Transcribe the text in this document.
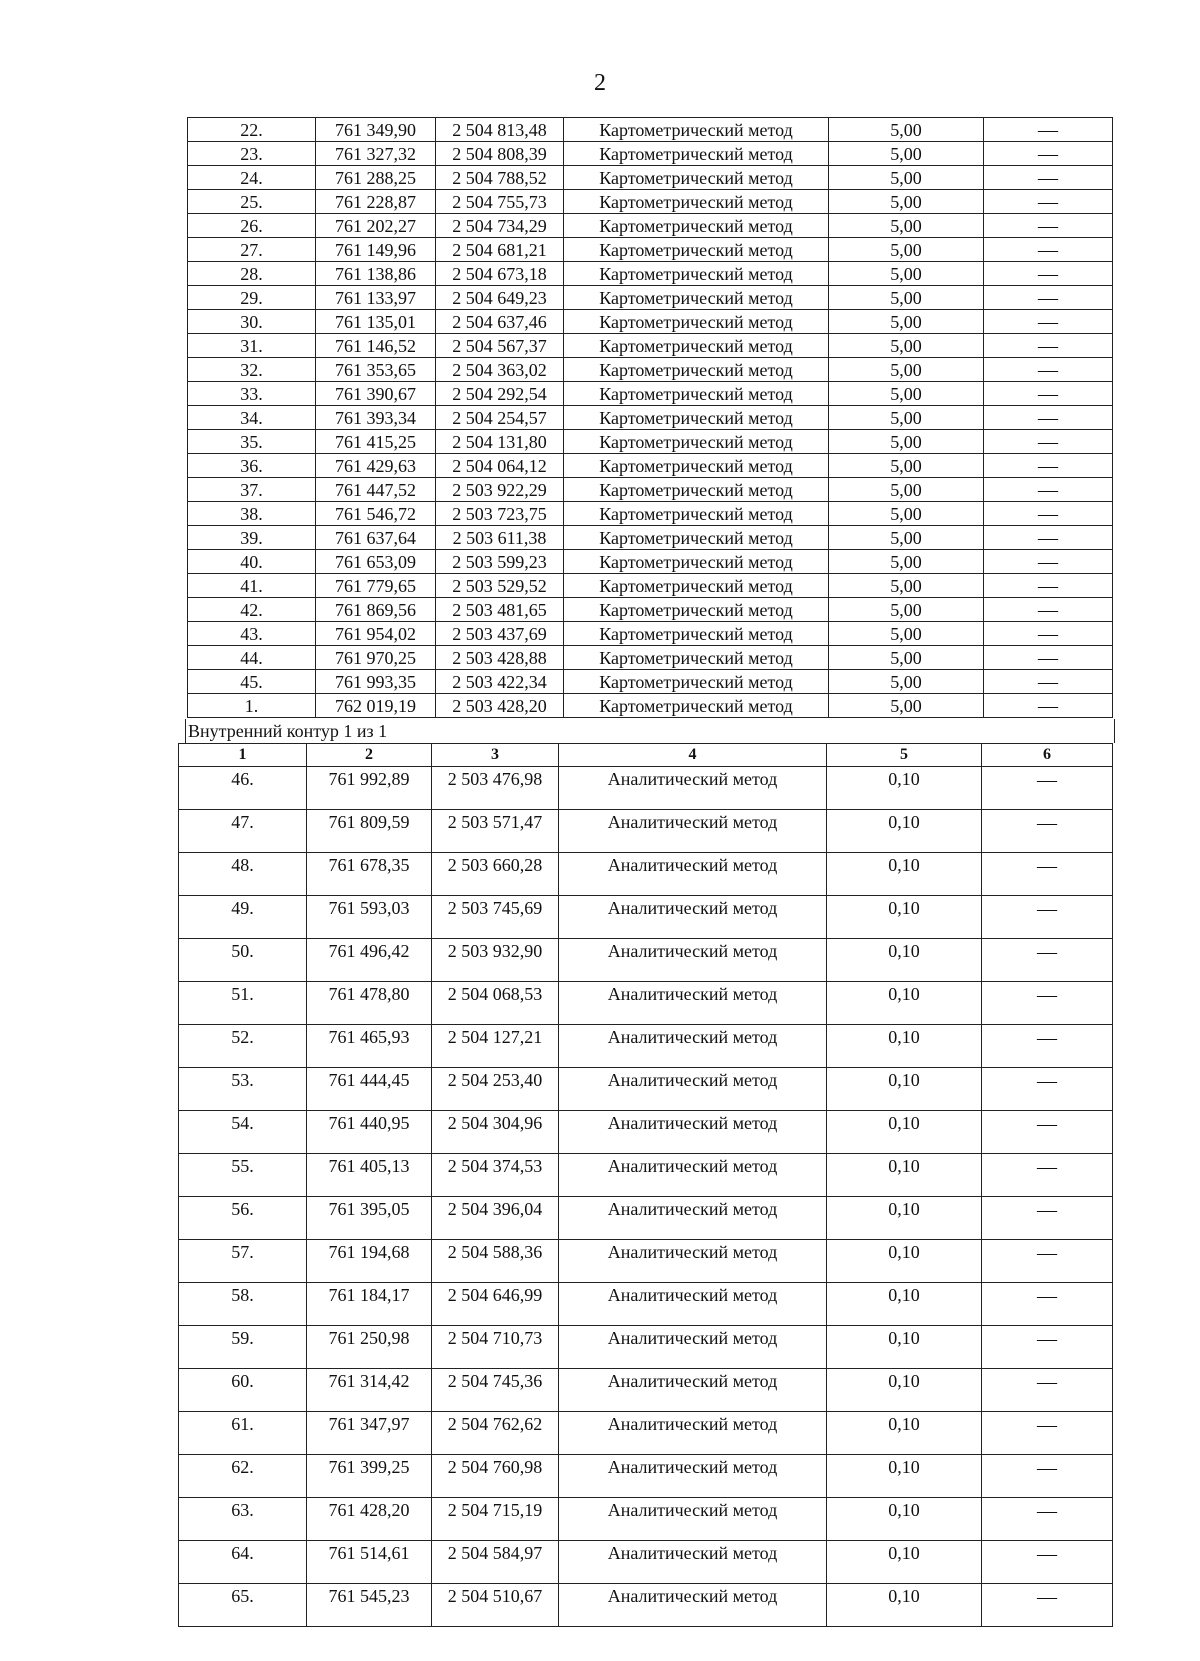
2
22.	761 349,90	2 504 813,48	Картометрический метод	5,00	—
23.	761 327,32	2 504 808,39	Картометрический метод	5,00	—
24.	761 288,25	2 504 788,52	Картометрический метод	5,00	—
25.	761 228,87	2 504 755,73	Картометрический метод	5,00	—
26.	761 202,27	2 504 734,29	Картометрический метод	5,00	—
27.	761 149,96	2 504 681,21	Картометрический метод	5,00	—
28.	761 138,86	2 504 673,18	Картометрический метод	5,00	—
29.	761 133,97	2 504 649,23	Картометрический метод	5,00	—
30.	761 135,01	2 504 637,46	Картометрический метод	5,00	—
31.	761 146,52	2 504 567,37	Картометрический метод	5,00	—
32.	761 353,65	2 504 363,02	Картометрический метод	5,00	—
33.	761 390,67	2 504 292,54	Картометрический метод	5,00	—
34.	761 393,34	2 504 254,57	Картометрический метод	5,00	—
35.	761 415,25	2 504 131,80	Картометрический метод	5,00	—
36.	761 429,63	2 504 064,12	Картометрический метод	5,00	—
37.	761 447,52	2 503 922,29	Картометрический метод	5,00	—
38.	761 546,72	2 503 723,75	Картометрический метод	5,00	—
39.	761 637,64	2 503 611,38	Картометрический метод	5,00	—
40.	761 653,09	2 503 599,23	Картометрический метод	5,00	—
41.	761 779,65	2 503 529,52	Картометрический метод	5,00	—
42.	761 869,56	2 503 481,65	Картометрический метод	5,00	—
43.	761 954,02	2 503 437,69	Картометрический метод	5,00	—
44.	761 970,25	2 503 428,88	Картометрический метод	5,00	—
45.	761 993,35	2 503 422,34	Картометрический метод	5,00	—
1.	762 019,19	2 503 428,20	Картометрический метод	5,00	—
Внутренний контур 1 из 1
1	2	3	4	5	6
46.	761 992,89	2 503 476,98	Аналитический метод	0,10	—
47.	761 809,59	2 503 571,47	Аналитический метод	0,10	—
48.	761 678,35	2 503 660,28	Аналитический метод	0,10	—
49.	761 593,03	2 503 745,69	Аналитический метод	0,10	—
50.	761 496,42	2 503 932,90	Аналитический метод	0,10	—
51.	761 478,80	2 504 068,53	Аналитический метод	0,10	—
52.	761 465,93	2 504 127,21	Аналитический метод	0,10	—
53.	761 444,45	2 504 253,40	Аналитический метод	0,10	—
54.	761 440,95	2 504 304,96	Аналитический метод	0,10	—
55.	761 405,13	2 504 374,53	Аналитический метод	0,10	—
56.	761 395,05	2 504 396,04	Аналитический метод	0,10	—
57.	761 194,68	2 504 588,36	Аналитический метод	0,10	—
58.	761 184,17	2 504 646,99	Аналитический метод	0,10	—
59.	761 250,98	2 504 710,73	Аналитический метод	0,10	—
60.	761 314,42	2 504 745,36	Аналитический метод	0,10	—
61.	761 347,97	2 504 762,62	Аналитический метод	0,10	—
62.	761 399,25	2 504 760,98	Аналитический метод	0,10	—
63.	761 428,20	2 504 715,19	Аналитический метод	0,10	—
64.	761 514,61	2 504 584,97	Аналитический метод	0,10	—
65.	761 545,23	2 504 510,67	Аналитический метод	0,10	—
